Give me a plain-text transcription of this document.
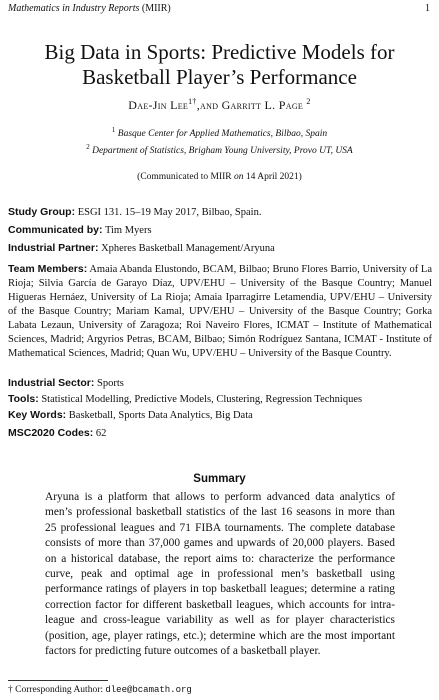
Mathematics in Industry Reports (MIIR)	1
Big Data in Sports: Predictive Models for
Basketball Player’s Performance
Dae-Jin Lee$^{1\dagger}$,and Garritt L. Page $^2$
$^1$ Basque Center for Applied Mathematics, Bilbao, Spain
$^2$ Department of Statistics, Brigham Young University, Provo UT, USA
(Communicated to MIIR on 14 April 2021)
Study Group: ESGI 131. 15–19 May 2017, Bilbao, Spain.
Communicated by: Tim Myers
Industrial Partner: Xpheres Basketball Management/Aryuna
Team Members: Amaia Abanda Elustondo, BCAM, Bilbao; Bruno Flores Barrio, University of La Rioja; Silvia García de Garayo Díaz, UPV/EHU – University of the Basque Country; Manuel Higueras Hernáez, University of La Rioja; Amaia Iparragirre Letamendia, UPV/EHU – University of the Basque Country; Mariam Kamal, UPV/EHU – University of the Basque Country; Gorka Labata Lezaun, University of Zaragoza; Roi Naveiro Flores, ICMAT – Institute of Mathematical Sciences, Madrid; Argyrios Petras, BCAM, Bilbao; Simón Rodríguez Santana, ICMAT - Institute of Mathematical Sciences, Madrid; Quan Wu, UPV/EHU – University of the Basque Country.
Industrial Sector: Sports
Tools: Statistical Modelling, Predictive Models, Clustering, Regression Techniques
Key Words: Basketball, Sports Data Analytics, Big Data
MSC2020 Codes: 62
Summary

Aryuna is a platform that allows to perform advanced data analytics of men’s professional basketball statistics of the last 16 seasons in more than 25 professional leagues and 71 FIBA tournaments. The complete database consists of more than 37,000 games and upwards of 20,000 players. Based on a historical database, the report aims to: characterize the performance curve, peak and optimal age in professional men’s basketball using performance ratings of players in top basketball leagues; determine a rating correction factor for different basketball leagues, which accounts for intra-league and cross-league variability as well as for player characteristics (position, age, player ratings, etc.); determine which are the most important factors for predicting future outcomes of a basketball player.

† Corresponding Author: dlee@bcamath.org
